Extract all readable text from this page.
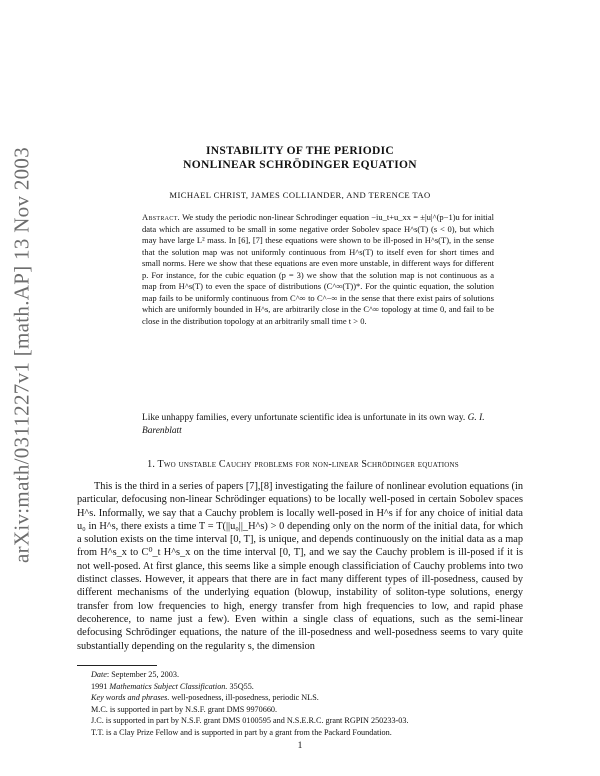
arXiv:math/0311227v1 [math.AP] 13 Nov 2003	INSTABILITY OF THE PERIODIC
NONLINEAR SCHRÖDINGER EQUATION
MICHAEL CHRIST, JAMES COLLIANDER, AND TERENCE TAO
Abstract. We study the periodic non-linear Schrodinger equation −iu_t+u_xx = ±|u|^(p−1)u for initial data which are assumed to be small in some negative order Sobolev space H^s(T) (s < 0), but which may have large L² mass. In [6], [7] these equations were shown to be ill-posed in H^s(T), in the sense that the solution map was not uniformly continuous from H^s(T) to itself even for short times and small norms. Here we show that these equations are even more unstable, in different ways for different p. For instance, for the cubic equation (p = 3) we show that the solution map is not continuous as a map from H^s(T) to even the space of distributions (C^∞(T))*. For the quintic equation, the solution map fails to be uniformly continuous from C^∞ to C^−∞ in the sense that there exist pairs of solutions which are uniformly bounded in H^s, are arbitrarily close in the C^∞ topology at time 0, and fail to be close in the distribution topology at an arbitrarily small time t > 0.
Like unhappy families, every unfortunate scientific idea is unfortunate in its own way. G. I. Barenblatt
1. Two unstable Cauchy problems for non-linear Schrödinger equations

This is the third in a series of papers [7],[8] investigating the failure of nonlinear evolution equations (in particular, defocusing non-linear Schrödinger equations) to be locally well-posed in certain Sobolev spaces H^s. Informally, we say that a Cauchy problem is locally well-posed in H^s if for any choice of initial data u₀ in H^s, there exists a time T = T(||u₀||_H^s) > 0 depending only on the norm of the initial data, for which a solution exists on the time interval [0, T], is unique, and depends continuously on the initial data as a map from H^s_x to C⁰_t H^s_x on the time interval [0, T], and we say the Cauchy problem is ill-posed if it is not well-posed. At first glance, this seems like a simple enough classificiation of Cauchy problems into two distinct classes. However, it appears that there are in fact many different types of ill-posedness, caused by different mechanisms of the underlying equation (blowup, instability of soliton-type solutions, energy transfer from low frequencies to high, energy transfer from high frequencies to low, and rapid phase decoherence, to name just a few). Even within a single class of equations, such as the semi-linear defocusing Schrödinger equations, the nature of the ill-posedness and well-posedness seems to vary quite substantially depending on the regularity s, the dimension

Date: September 25, 2003.
1991 Mathematics Subject Classification. 35Q55.
Key words and phrases. well-posedness, ill-posedness, periodic NLS.
M.C. is supported in part by N.S.F. grant DMS 9970660.
J.C. is supported in part by N.S.F. grant DMS 0100595 and N.S.E.R.C. grant RGPIN 250233-03.
T.T. is a Clay Prize Fellow and is supported in part by a grant from the Packard Foundation.
1
